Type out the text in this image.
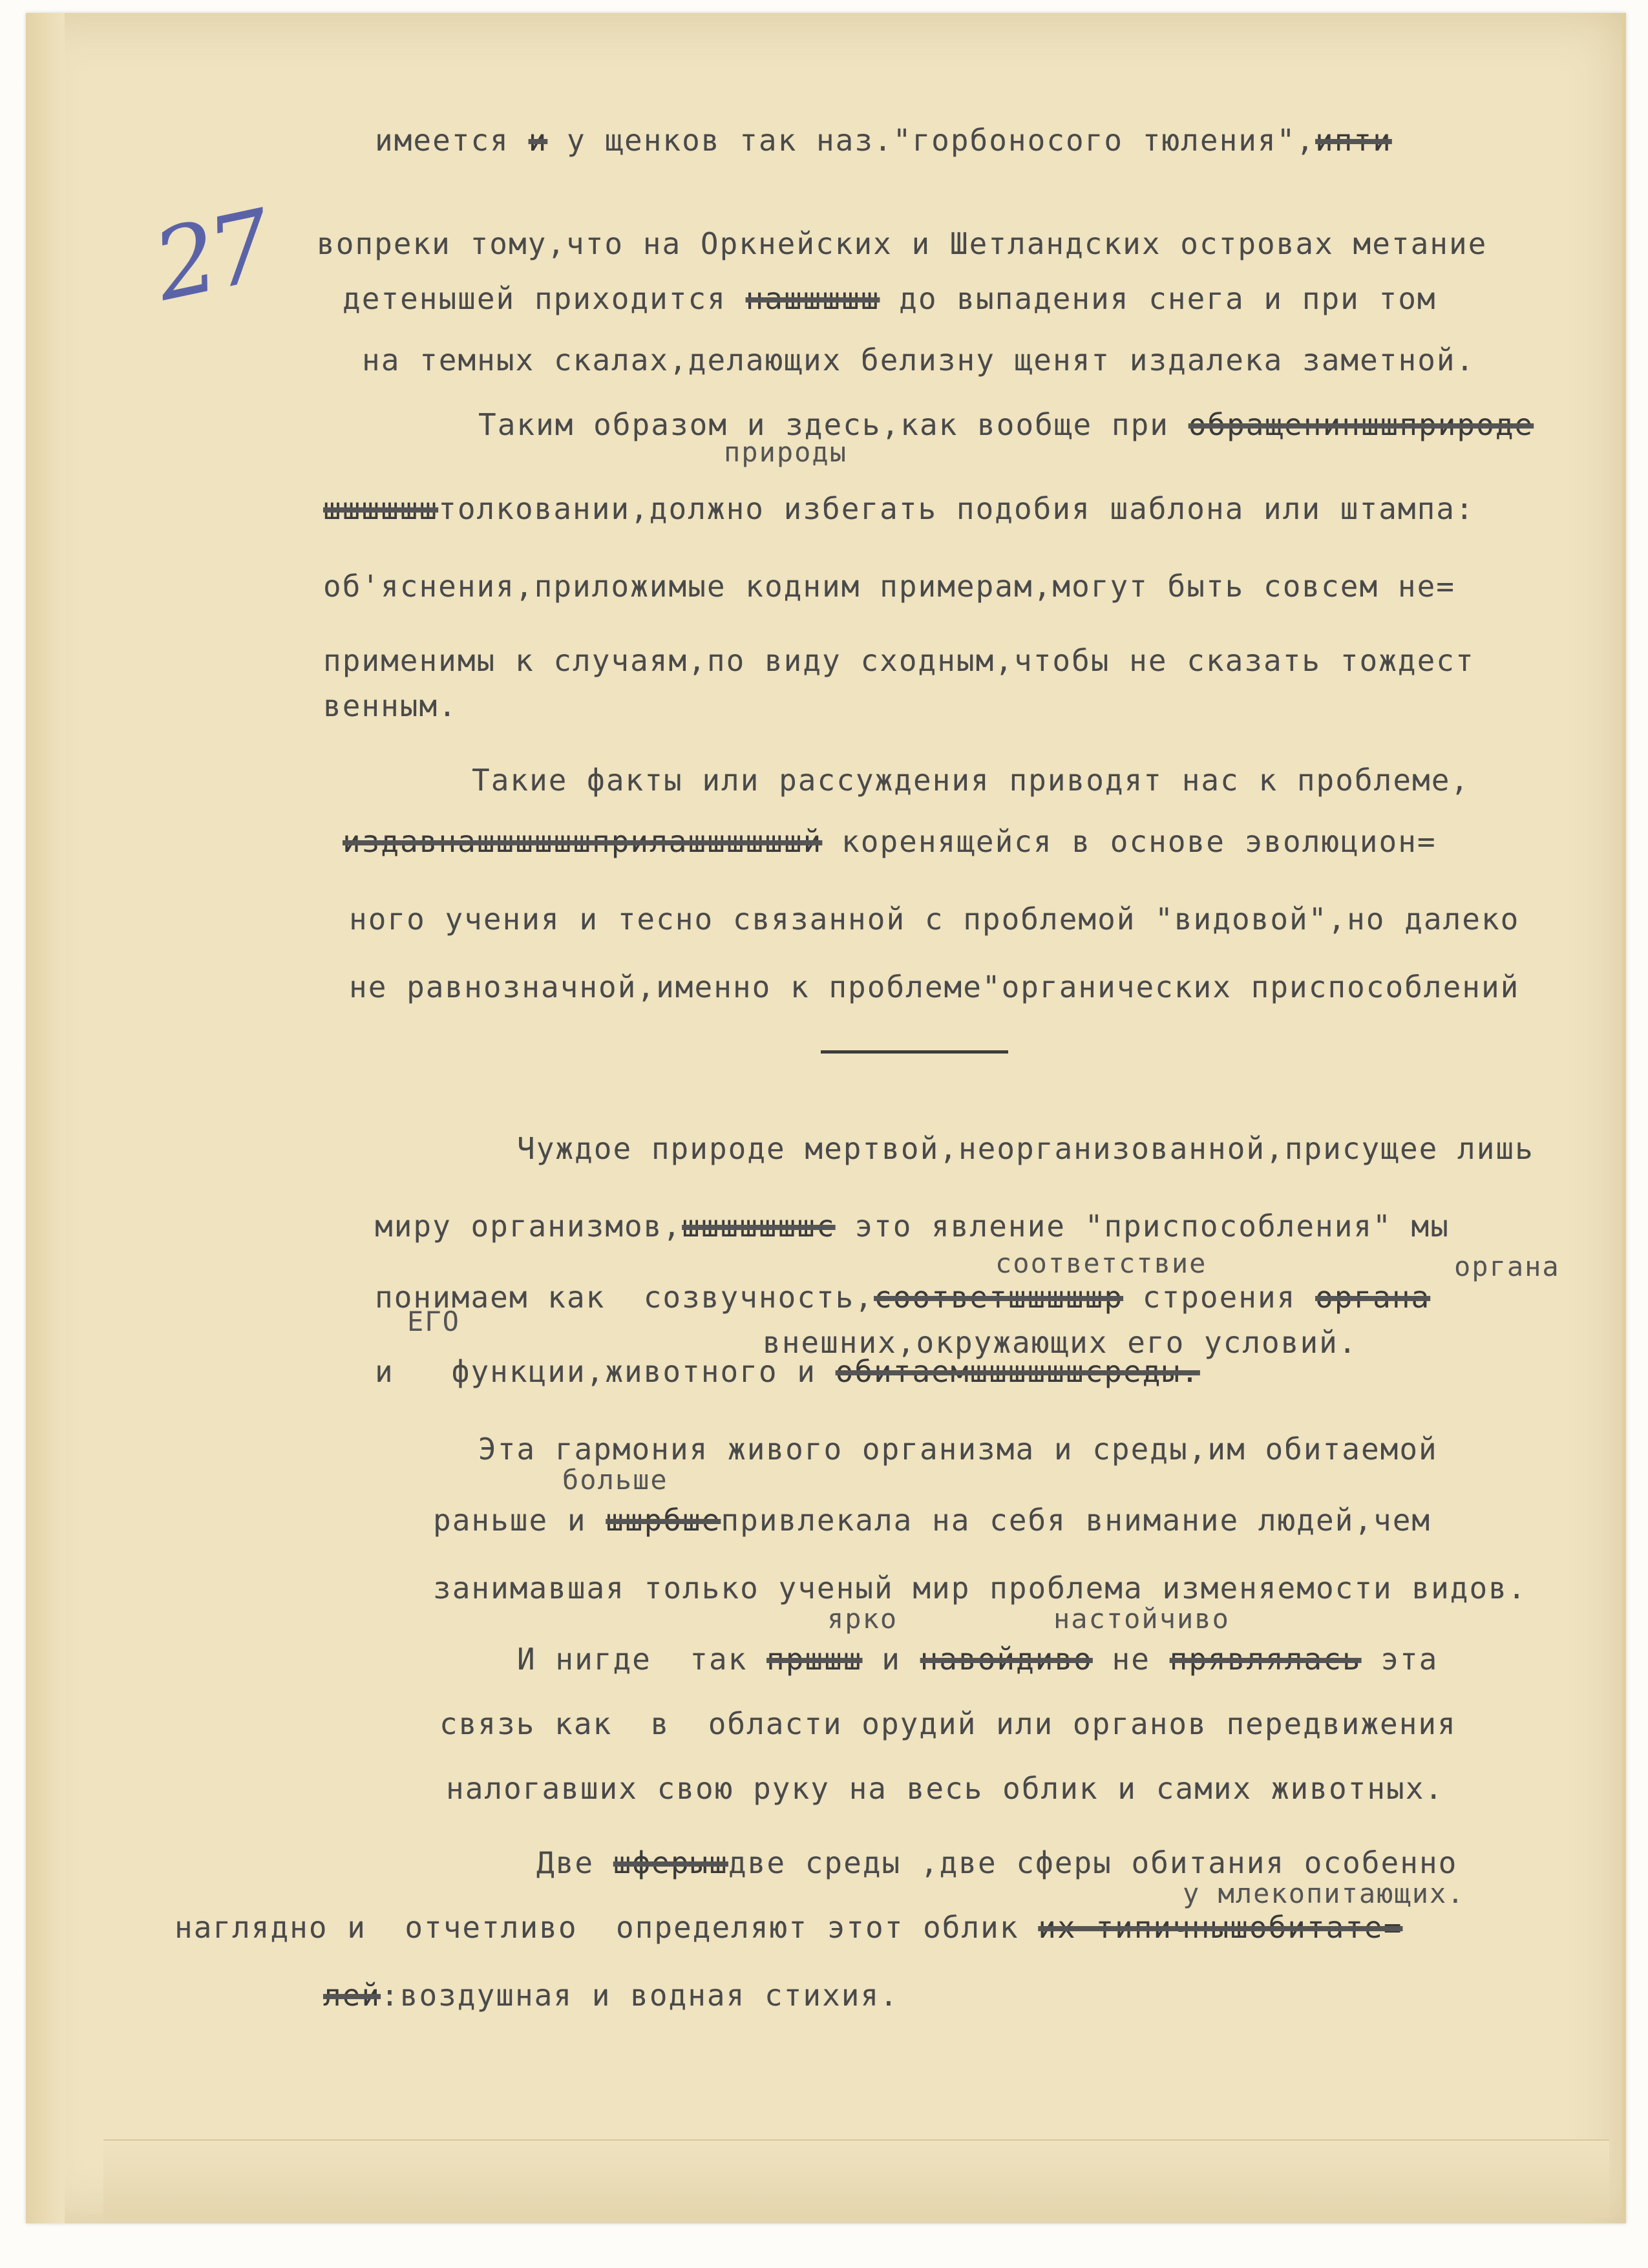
27
имеется и у щенков так наз."горбоносого тюления",ипти
вопреки тому,что на Оркнейских и Шетландских островах метание
детенышей приходится нашшшшш до выпадения снега и при том
на темных скалах,делающих белизну щенят издалека заметной.
природы
Таким образом и здесь,как вообще при обращениншшприроде
шшшшшштолковании,должно избегать подобия шаблона или штампа:
об'яснения,приложимые кодним примерам,могут быть совсем не=
применимы к случаям,по виду сходным,чтобы не сказать тождест
венным.
Такие факты или рассуждения приводят нас к проблеме,
издавнашшшшшшприлашшшшшшй коренящейся в основе эволюцион=
ного учения и тесно связанной с проблемой "видовой",но далеко
не равнозначной,именно к проблеме"органических приспособлений
Чуждое природе мертвой,неорганизованной,присущее лишь
миру организмов,шшшшшшшс это явление "приспособления" мы
соответствие	органа
понимаем как  созвучность,соответшшшшшр строения органа
ЕГО
внешних,окружающих его условий.
и   функции,животного и обитаемшшшшшшсреды.
Эта гармония живого организма и среды,им обитаемой
больше
раньше и шшрбшепривлекала на себя внимание людей,чем
занимавшая только ученый мир проблема изменяемости видов.
ярко	настойчиво
И нигде  так пршшш и навойдиво не прявлялась эта
связь как  в  области орудий или органов передвижения
налогавших свою руку на весь облик и самих животных.
Две шферышдве среды ,две сферы обитания особенно
у млекопитающих.
наглядно и  отчетливо  определяют этот облик их типичнышобитате=
лей:воздушная и водная стихия.
